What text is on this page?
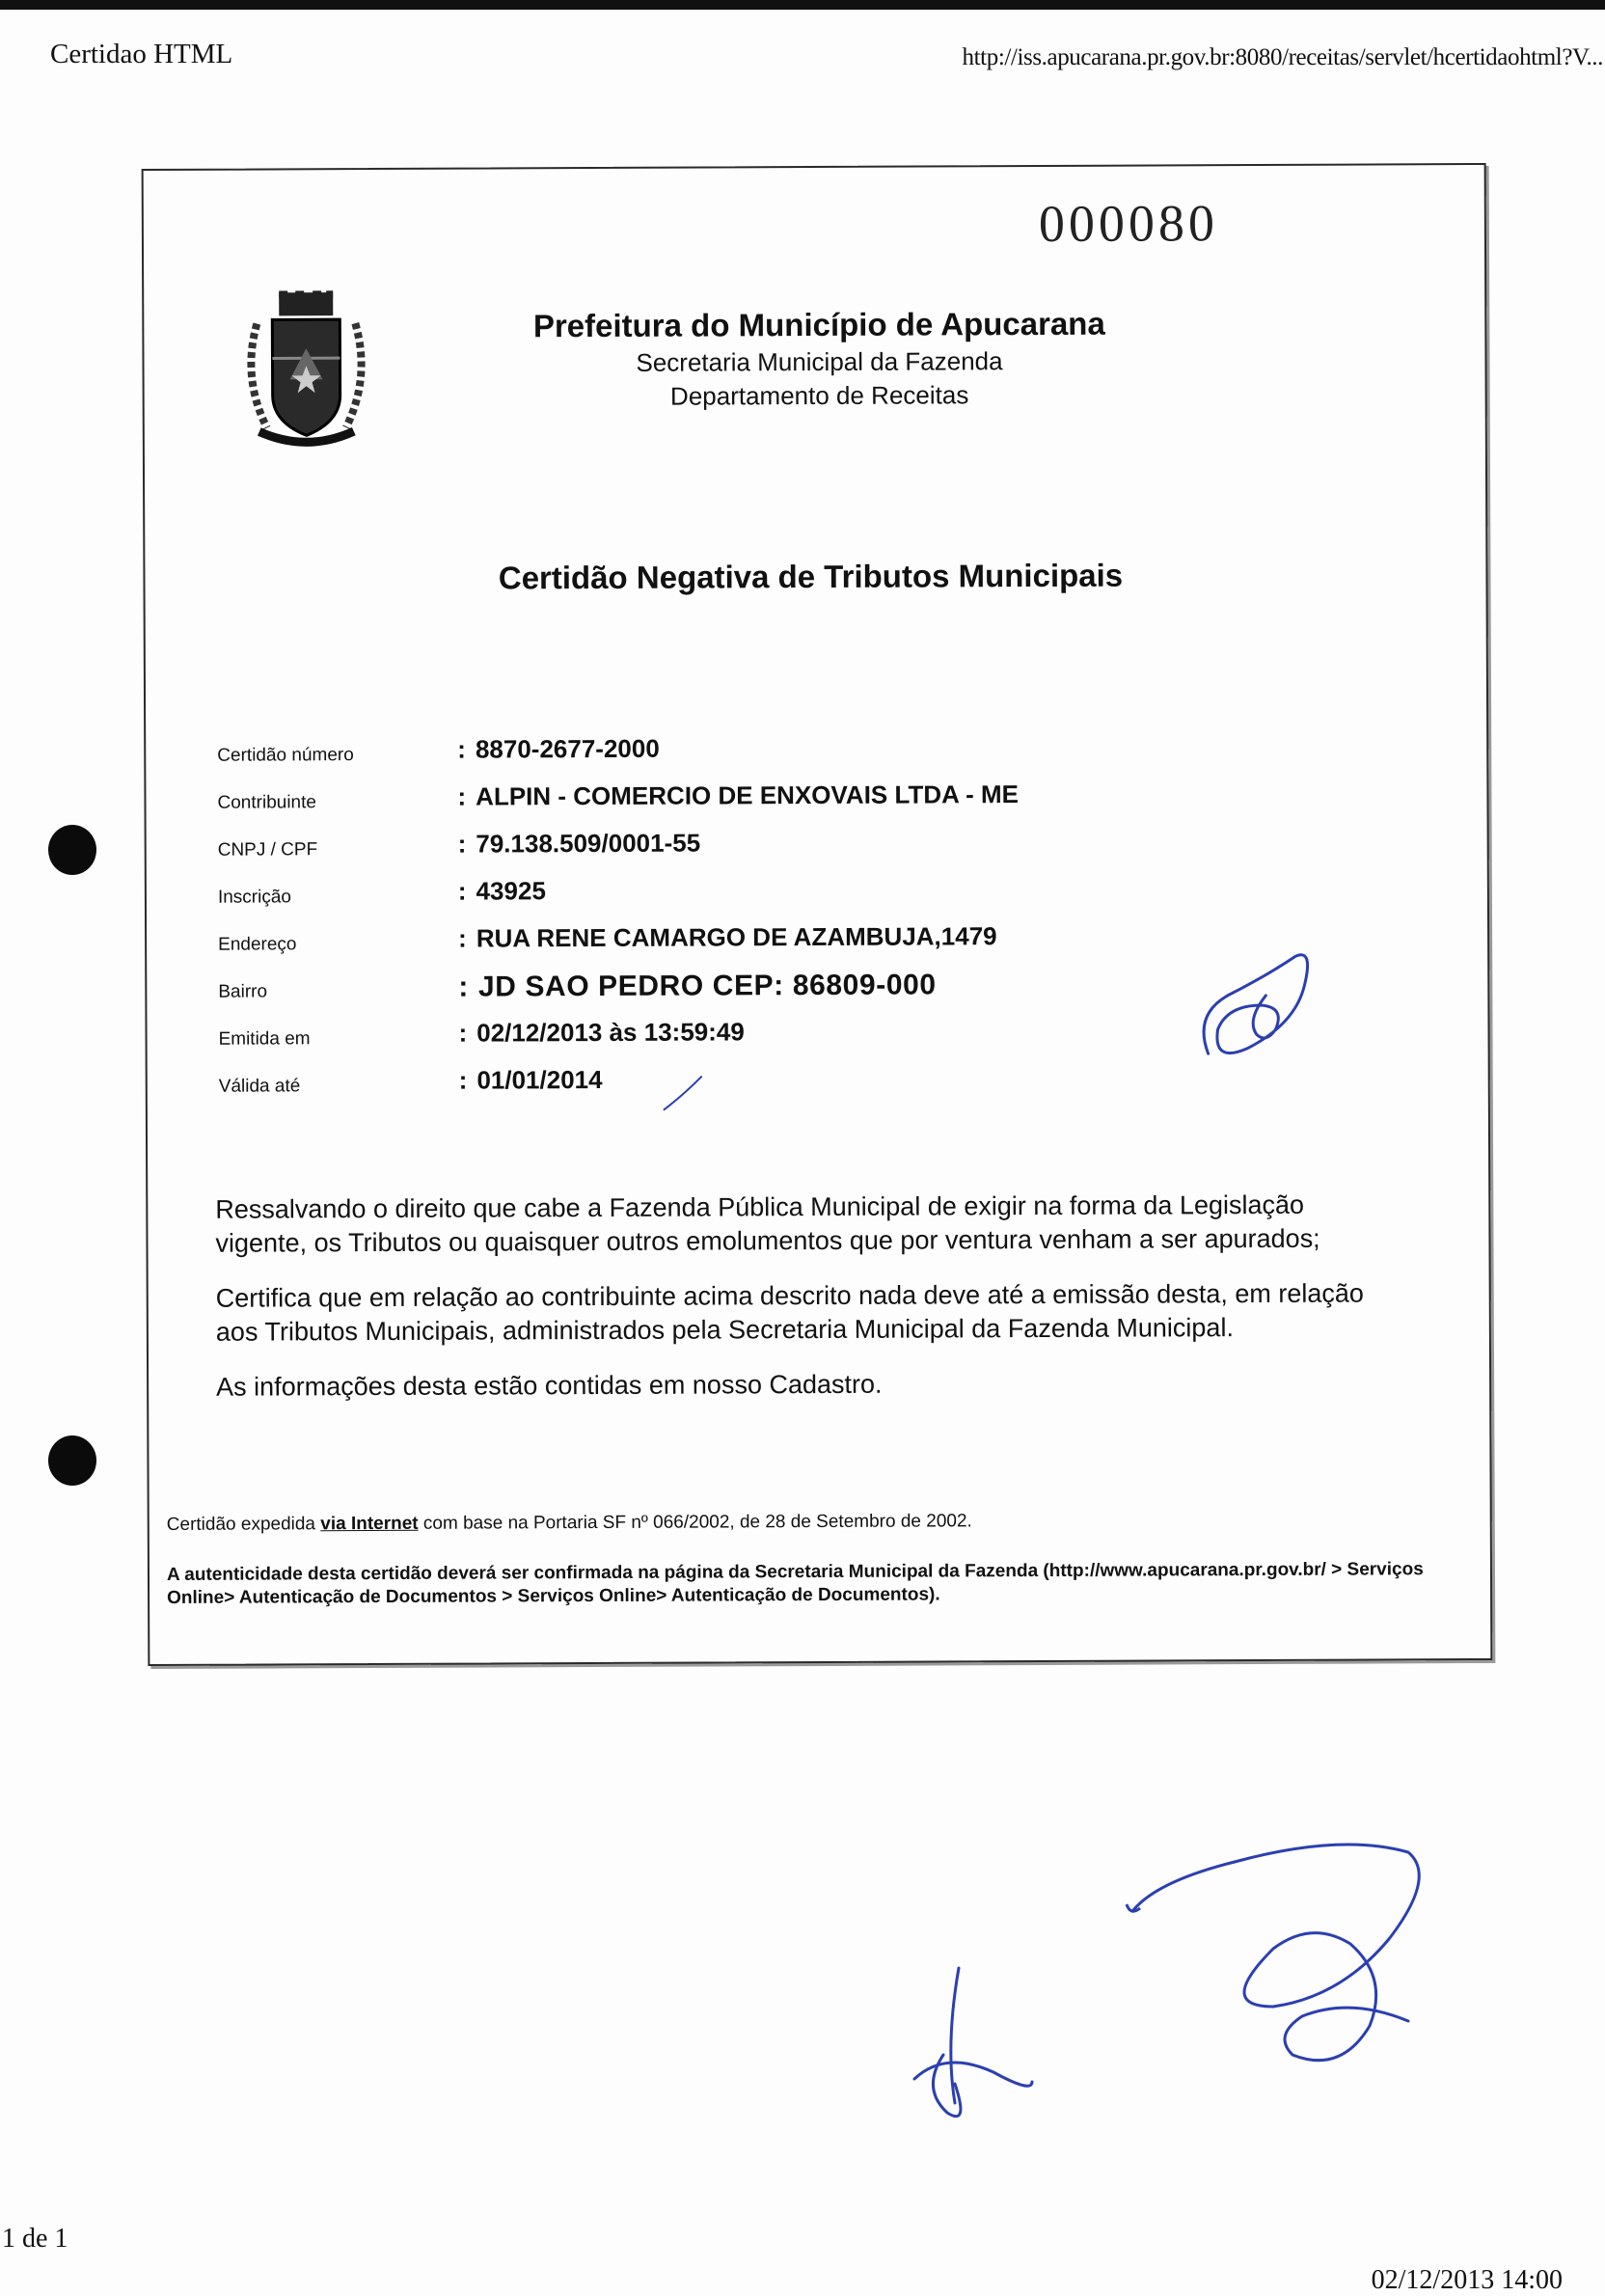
Certidao HTML	http://iss.apucarana.pr.gov.br:8080/receitas/servlet/hcertidaohtml?V...
000080
Prefeitura do Município de Apucarana
Secretaria Municipal da Fazenda
Departamento de Receitas
Certidão Negativa de Tributos Municipais
Certidão número	: 8870-2677-2000
Contribuinte	: ALPIN - COMERCIO DE ENXOVAIS LTDA - ME
CNPJ / CPF	: 79.138.509/0001-55
Inscrição	: 43925
Endereço	: RUA RENE CAMARGO DE AZAMBUJA,1479
Bairro	: JD SAO PEDRO CEP: 86809-000
Emitida em	: 02/12/2013 às 13:59:49
Válida até	: 01/01/2014

Ressalvando o direito que cabe a Fazenda Pública Municipal de exigir na forma da Legislação vigente, os Tributos ou quaisquer outros emolumentos que por ventura venham a ser apurados;

Certifica que em relação ao contribuinte acima descrito nada deve até a emissão desta, em relação aos Tributos Municipais, administrados pela Secretaria Municipal da Fazenda Municipal.

As informações desta estão contidas em nosso Cadastro.

Certidão expedida via Internet com base na Portaria SF nº 066/2002, de 28 de Setembro de 2002.
A autenticidade desta certidão deverá ser confirmada na página da Secretaria Municipal da Fazenda (http://www.apucarana.pr.gov.br/ > Serviços Online> Autenticação de Documentos > Serviços Online> Autenticação de Documentos).
1 de 1
02/12/2013 14:00
